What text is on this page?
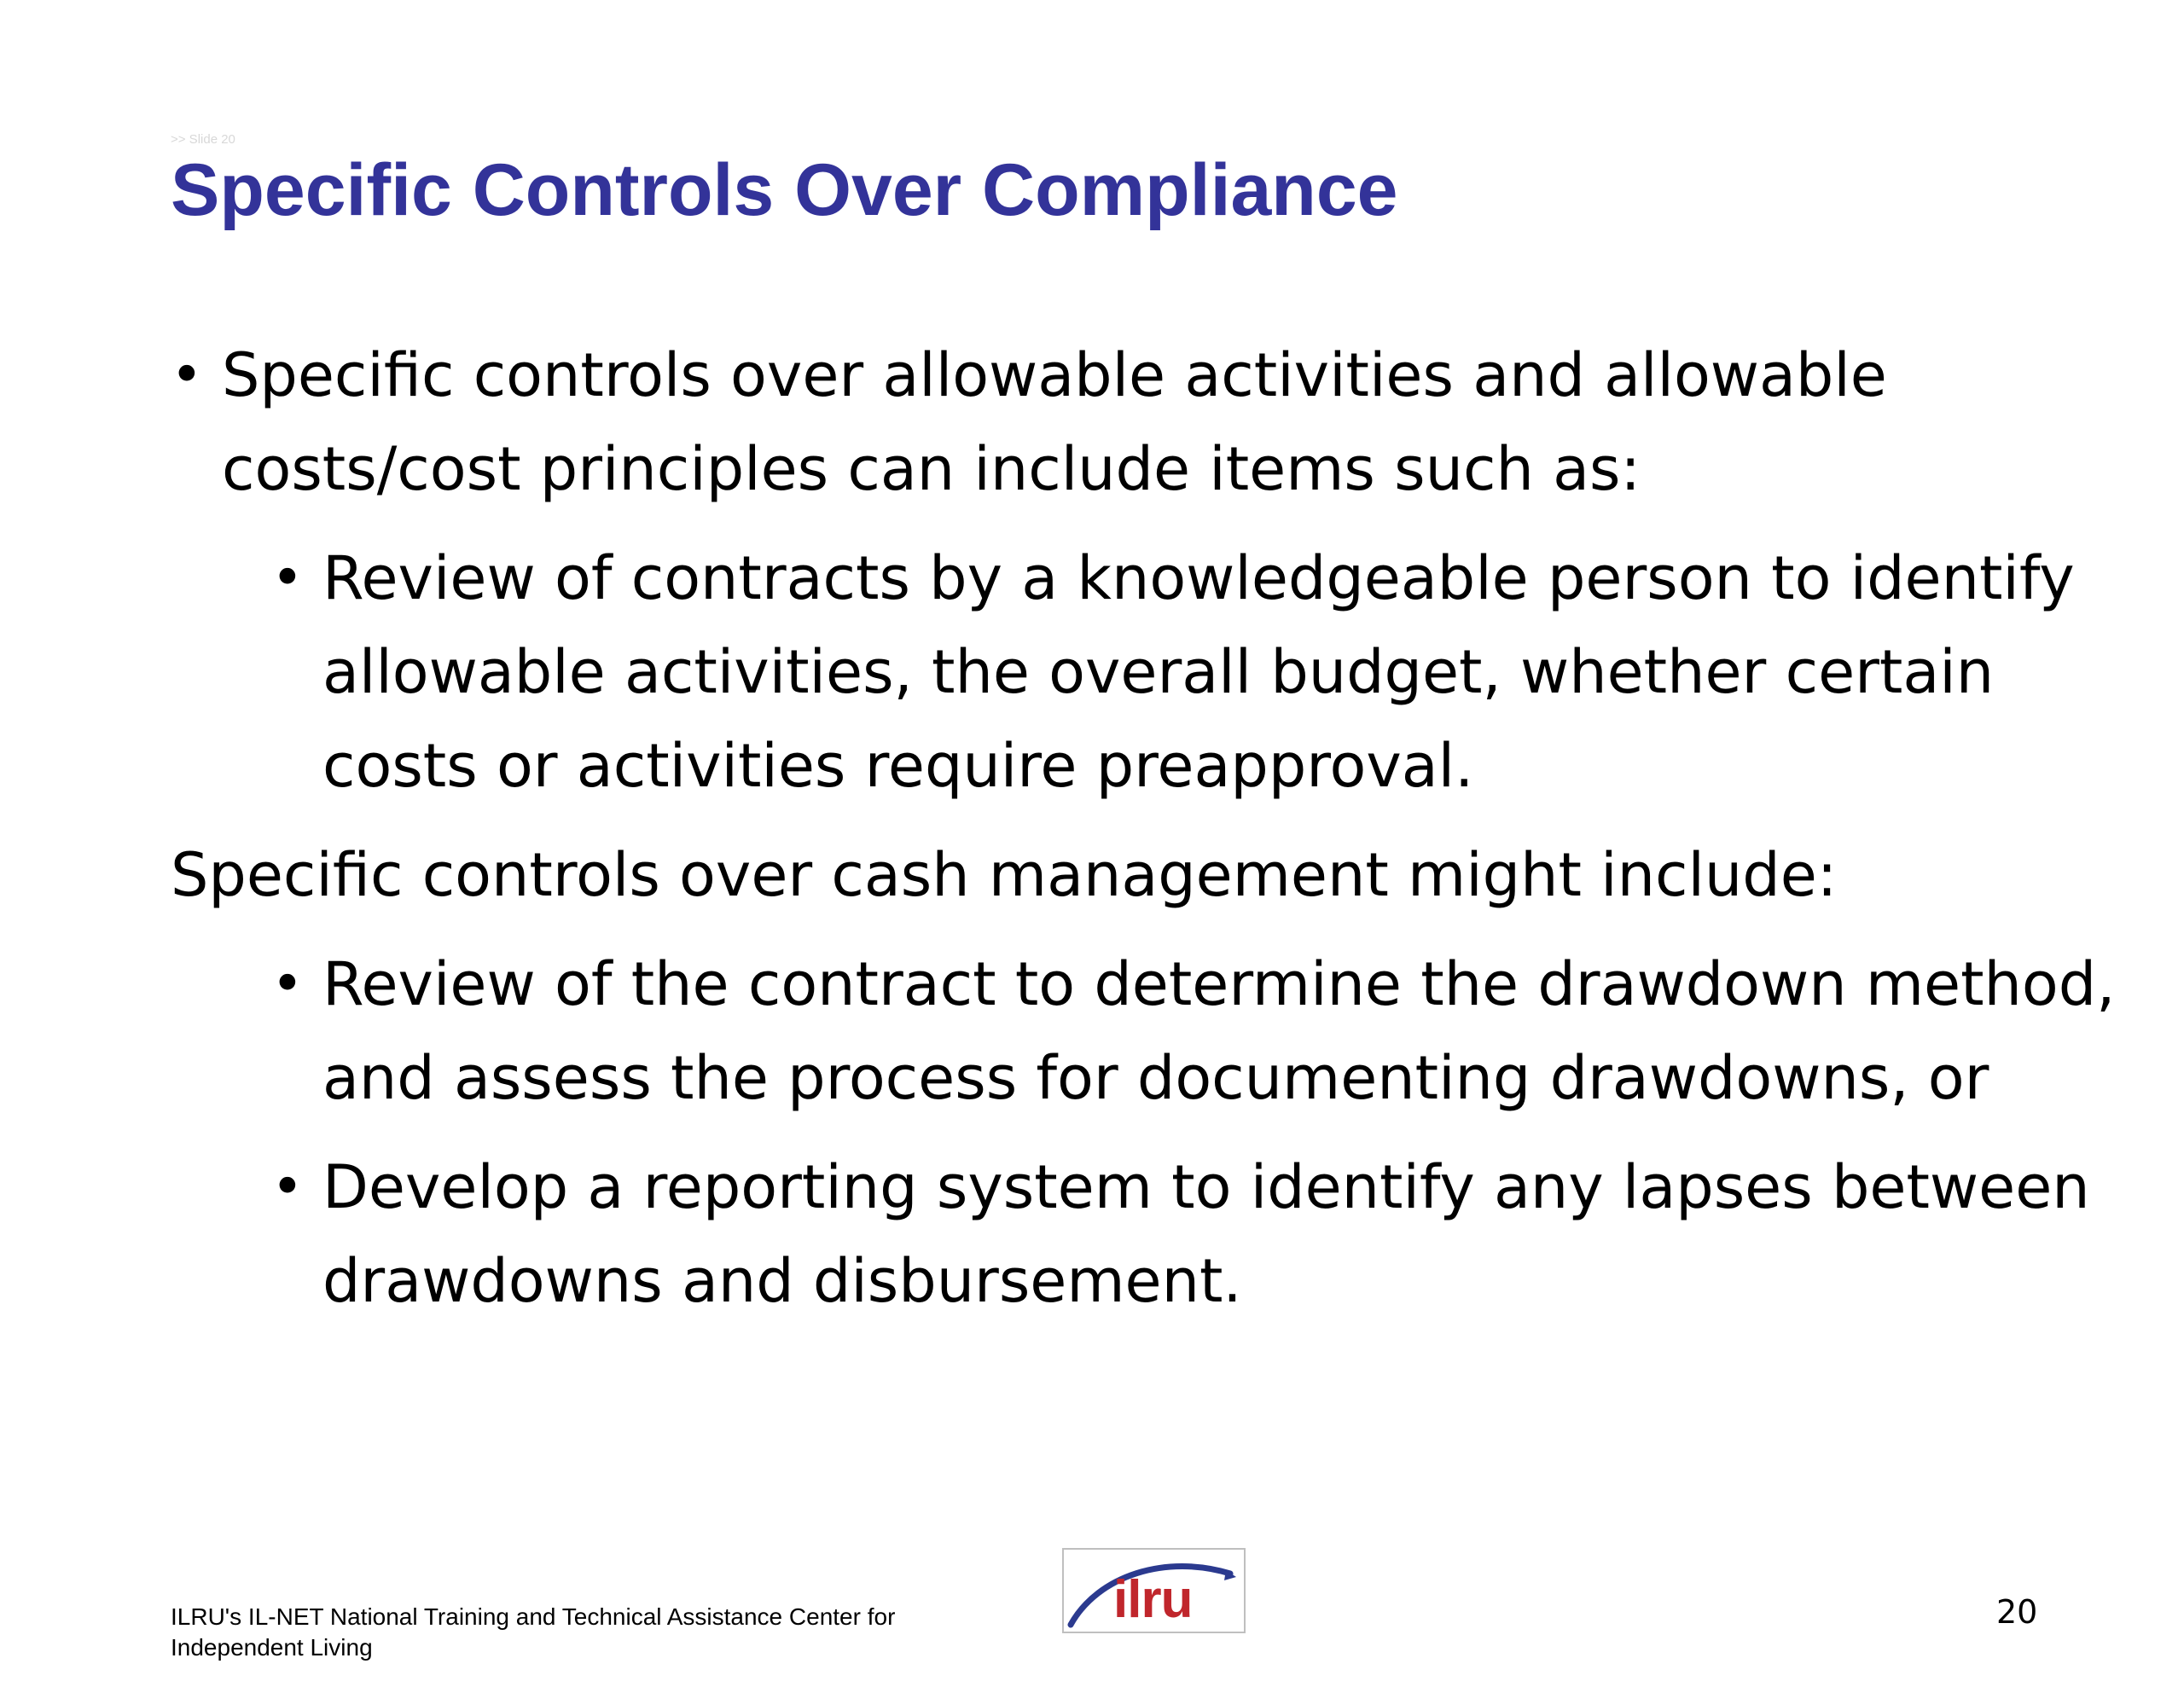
>> Slide 20
Specific Controls Over Compliance
• Specific controls over allowable activities and allowable costs/cost principles can include items such as:
• Review of contracts by a knowledgeable person to identify allowable activities, the overall budget, whether certain costs or activities require preapproval.
Specific controls over cash management might include:
• Review of the contract to determine the drawdown method, and assess the process for documenting drawdowns, or
• Develop a reporting system to identify any lapses between drawdowns and disbursement.
ILRU's IL-NET National Training and Technical Assistance Center for Independent Living
ilru	20
